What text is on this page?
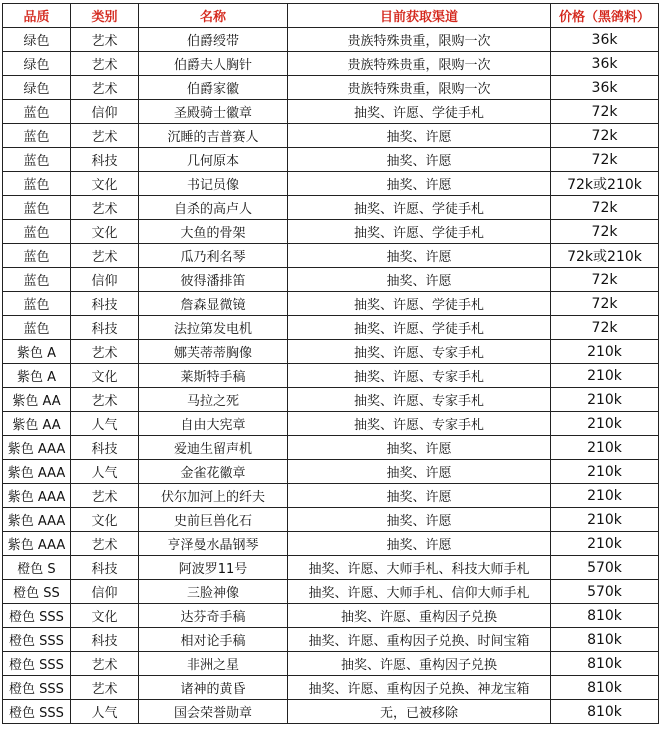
品质	类别	名称	目前获取渠道	价格（黑鹆料）
绿色	艺术	伯爵绶带	贵族特殊贵重，限购一次	36k
绿色	艺术	伯爵夫人胸针	贵族特殊贵重，限购一次	36k
绿色	艺术	伯爵家徽	贵族特殊贵重，限购一次	36k
蓝色	信仰	圣殿骑士徽章	抽奖、许愿、学徒手札	72k
蓝色	艺术	沉睡的吉普赛人	抽奖、许愿	72k
蓝色	科技	几何原本	抽奖、许愿	72k
蓝色	文化	书记员像	抽奖、许愿	72k或210k
蓝色	艺术	自杀的高卢人	抽奖、许愿、学徒手札	72k
蓝色	文化	大鱼的骨架	抽奖、许愿、学徒手札	72k
蓝色	艺术	瓜乃利名琴	抽奖、许愿	72k或210k
蓝色	信仰	彼得潘排笛	抽奖、许愿	72k
蓝色	科技	詹森显微镜	抽奖、许愿、学徒手札	72k
蓝色	科技	法拉第发电机	抽奖、许愿、学徒手札	72k
紫色 A	艺术	娜芙蒂蒂胸像	抽奖、许愿、专家手札	210k
紫色 A	文化	莱斯特手稿	抽奖、许愿、专家手札	210k
紫色 AA	艺术	马拉之死	抽奖、许愿、专家手札	210k
紫色 AA	人气	自由大宪章	抽奖、许愿、专家手札	210k
紫色 AAA	科技	爱迪生留声机	抽奖、许愿	210k
紫色 AAA	人气	金雀花徽章	抽奖、许愿	210k
紫色 AAA	艺术	伏尔加河上的纤夫	抽奖、许愿	210k
紫色 AAA	文化	史前巨兽化石	抽奖、许愿	210k
紫色 AAA	艺术	亨泽曼水晶钢琴	抽奖、许愿	210k
橙色 S	科技	阿波罗11号	抽奖、许愿、大师手札、科技大师手札	570k
橙色 SS	信仰	三脸神像	抽奖、许愿、大师手札、信仰大师手札	570k
橙色 SSS	文化	达芬奇手稿	抽奖、许愿、重构因子兑换	810k
橙色 SSS	科技	相对论手稿	抽奖、许愿、重构因子兑换、时间宝箱	810k
橙色 SSS	艺术	非洲之星	抽奖、许愿、重构因子兑换	810k
橙色 SSS	艺术	诸神的黄昏	抽奖、许愿、重构因子兑换、神龙宝箱	810k
橙色 SSS	人气	国会荣誉勋章	无，已被移除	810k
